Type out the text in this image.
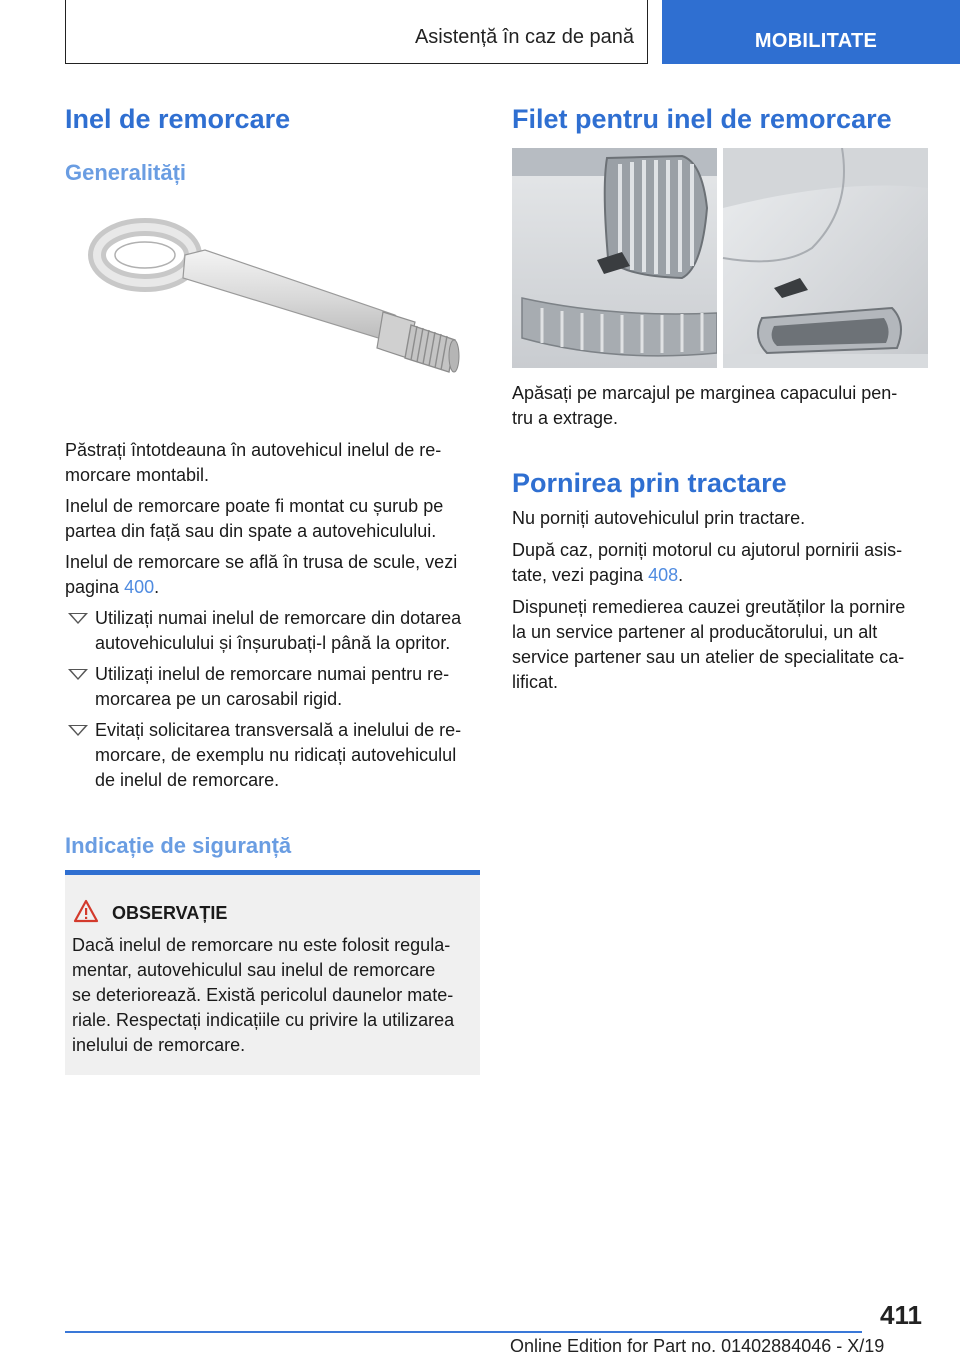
Asistență în caz de pană	MOBILITATE
Inel de remorcare
Generalități

Păstrați întotdeauna în autovehicul inelul de re‐
morcare montabil.

Inelul de remorcare poate fi montat cu șurub pe
partea din față sau din spate a autovehiculului.

Inelul de remorcare se află în trusa de scule, vezi
pagina 400.

Utilizați numai inelul de remorcare din dotarea
autovehiculului și înșurubați-l până la opritor.
Utilizați inelul de remorcare numai pentru re‐
morcarea pe un carosabil rigid.
Evitați solicitarea transversală a inelului de re‐
morcare, de exemplu nu ridicați autovehiculul
de inelul de remorcare.
Indicație de siguranță
OBSERVAȚIE

Dacă inelul de remorcare nu este folosit regula‐
mentar, autovehiculul sau inelul de remorcare
se deteriorează. Există pericolul daunelor mate‐
riale. Respectați indicațiile cu privire la utilizarea
inelului de remorcare.

Filet pentru inel de remorcare

Apăsați pe marcajul pe marginea capacului pen‐
tru a extrage.

Pornirea prin tractare

Nu porniți autovehiculul prin tractare.

După caz, porniți motorul cu ajutorul pornirii asis‐
tate, vezi pagina 408.

Dispuneți remedierea cauzei greutăților la pornire
la un service partener al producătorului, un alt
service partener sau un atelier de specialitate ca‐
lificat.

411
Online Edition for Part no. 01402884046 - X/19
